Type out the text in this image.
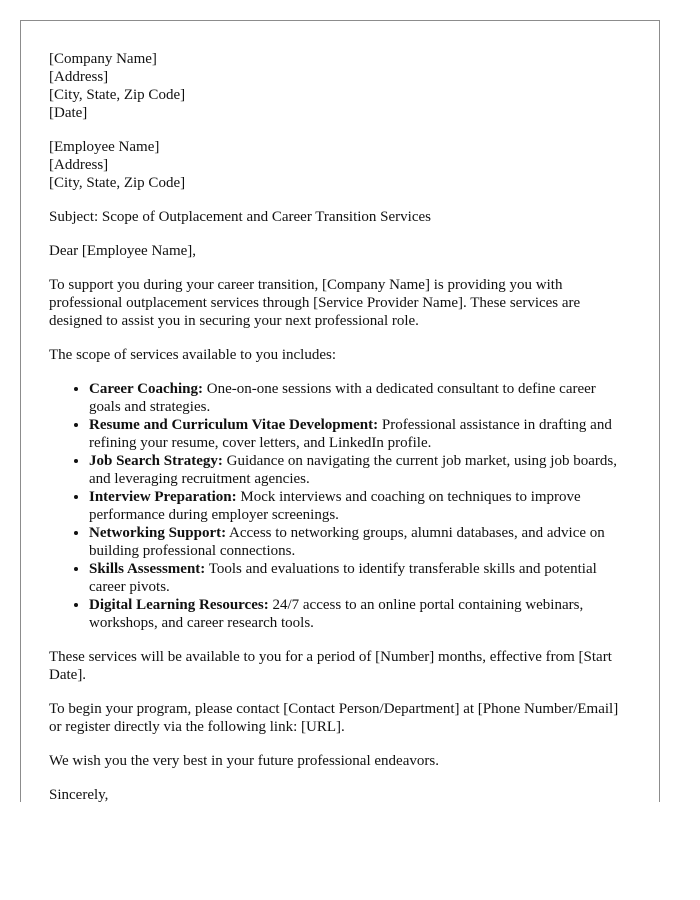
[Company Name]
[Address]
[City, State, Zip Code]
[Date]
[Employee Name]
[Address]
[City, State, Zip Code]

Subject: Scope of Outplacement and Career Transition Services

Dear [Employee Name],

To support you during your career transition, [Company Name] is providing you with professional outplacement services through [Service Provider Name]. These services are designed to assist you in securing your next professional role.

The scope of services available to you includes:

• Career Coaching: One-on-one sessions with a dedicated consultant to define career goals and strategies.
• Resume and Curriculum Vitae Development: Professional assistance in drafting and refining your resume, cover letters, and LinkedIn profile.
• Job Search Strategy: Guidance on navigating the current job market, using job boards, and leveraging recruitment agencies.
• Interview Preparation: Mock interviews and coaching on techniques to improve performance during employer screenings.
• Networking Support: Access to networking groups, alumni databases, and advice on building professional connections.
• Skills Assessment: Tools and evaluations to identify transferable skills and potential career pivots.
• Digital Learning Resources: 24/7 access to an online portal containing webinars, workshops, and career research tools.

These services will be available to you for a period of [Number] months, effective from [Start Date].

To begin your program, please contact [Contact Person/Department] at [Phone Number/Email] or register directly via the following link: [URL].

We wish you the very best in your future professional endeavors.

Sincerely,
